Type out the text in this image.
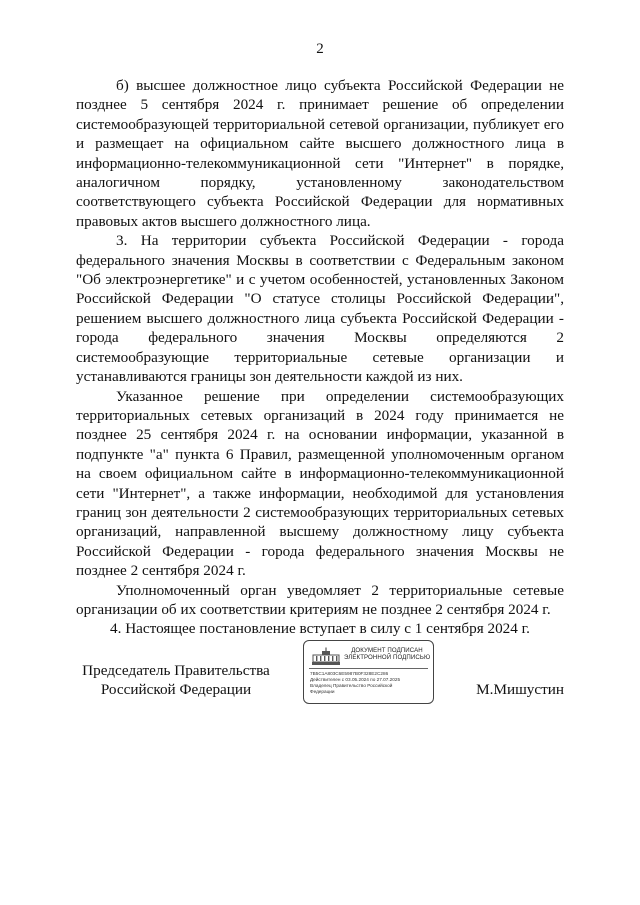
2

б) высшее должностное лицо субъекта Российской Федерации не позднее 5 сентября 2024 г. принимает решение об определении системообразующей территориальной сетевой организации, публикует его и размещает на официальном сайте высшего должностного лица в информационно-телекоммуникационной сети "Интернет" в порядке, аналогичном порядку, установленному законодательством соответствующего субъекта Российской Федерации для нормативных правовых актов высшего должностного лица.

3. На территории субъекта Российской Федерации - города федерального значения Москвы в соответствии с Федеральным законом "Об электроэнергетике" и с учетом особенностей, установленных Законом Российской Федерации "О статусе столицы Российской Федерации", решением высшего должностного лица субъекта Российской Федерации - города федерального значения Москвы определяются 2 системообразующие территориальные сетевые организации и устанавливаются границы зон деятельности каждой из них.

Указанное решение при определении системообразующих территориальных сетевых организаций в 2024 году принимается не позднее 25 сентября 2024 г. на основании информации, указанной в подпункте "а" пункта 6 Правил, размещенной уполномоченным органом на своем официальном сайте в информационно-телекоммуникационной сети "Интернет", а также информации, необходимой для установления границ зон деятельности 2 системообразующих территориальных сетевых организаций, направленной высшему должностному лицу субъекта Российской Федерации - города федерального значения Москвы не позднее 2 сентября 2024 г.

Уполномоченный орган уведомляет 2 территориальные сетевые организации об их соответствии критериям не позднее 2 сентября 2024 г.

4. Настоящее постановление вступает в силу с 1 сентября 2024 г.

Председатель Правительства
Российской Федерации
ДОКУМЕНТ ПОДПИСАН
ЭЛЕКТРОННОЙ ПОДПИСЬЮ
7B5C1A803C6E5987B0F328E2C286
Действителен с 03.05.2024 по 27.07.2025
Владелец Правительство Российской
Федерации	М.Мишустин
